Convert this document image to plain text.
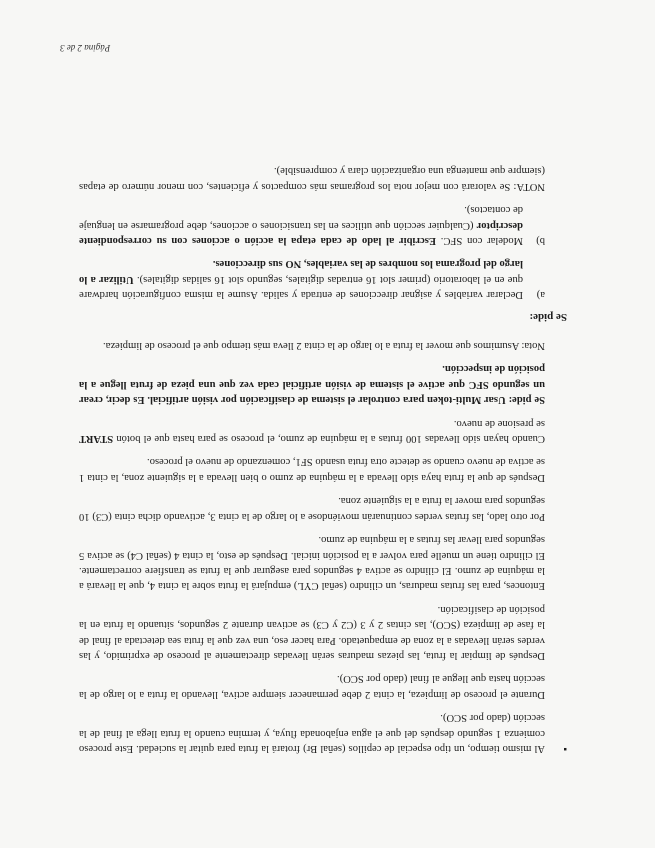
▪ Al mismo tiempo, un tipo especial de cepillos (señal Br) frotará la fruta para quitar la suciedad. Este proceso comienza 1 segundo después del que el agua enjabonada fluya, y termina cuando la fruta llega al final de la sección (dado por SCO).

Durante el proceso de limpieza, la cinta 2 debe permanecer siempre activa, llevando la fruta a lo largo de la sección hasta que llegue al final (dado por SCO).

Después de limpiar la fruta, las piezas maduras serán llevadas directamente al proceso de exprimido, y las verdes serán llevadas a la zona de empaquetado. Para hacer eso, una vez que la fruta sea detectada al final de la fase de limpieza (SCO), las cintas 2 y 3 (C2 y C3) se activan durante 2 segundos, situando la fruta en la posición de clasificación.

Entonces, para las frutas maduras, un cilindro (señal CYL) empujará la fruta sobre la cinta 4, que la llevará a la máquina de zumo. El cilindro se activa 4 segundos para asegurar que la fruta se transfiere correctamente. El cilindro tiene un muelle para volver a la posición inicial. Después de esto, la cinta 4 (señal C4) se activa 5 segundos para llevar las frutas a la máquina de zumo.

Por otro lado, las frutas verdes continuarán moviéndose a lo largo de la cinta 3, activando dicha cinta (C3) 10 segundos para mover la fruta a la siguiente zona.

Después de que la fruta haya sido llevada a la máquina de zumo o bien llevada a la siguiente zona, la cinta 1 se activa de nuevo cuando se detecte otra fruta usando SF1, comenzando de nuevo el proceso.

Cuando hayan sido llevadas 100 frutas a la máquina de zumo, el proceso se para hasta que el botón START se presione de nuevo.

Se pide: Usar Multi-token para controlar el sistema de clasificación por visión artificial. Es decir, crear un segundo SFC que active el sistema de visión artificial cada vez que una pieza de fruta llegue a la posición de inspección.

Nota: Asumimos que mover la fruta a lo largo de la cinta 2 lleva más tiempo que el proceso de limpieza.

Se pide:
a)
Declarar variables y asignar direcciones de entrada y salida. Asume la misma configuración hardware que en el laboratorio (primer slot 16 entradas digitales, segundo slot 16 salidas digitales). Utilizar a lo largo del programa los nombres de las variables, NO sus direcciones.
b)
Modelar con SFC. Escribir al lado de cada etapa la acción o acciones con su correspondiente descriptor (Cualquier sección que utilices en las transiciones o acciones, debe programarse en lenguaje de contactos).

NOTA: Se valorará con mejor nota los programas más compactos y eficientes, con menor número de etapas (siempre que mantenga una organización clara y comprensible).

Página 2 de 3
